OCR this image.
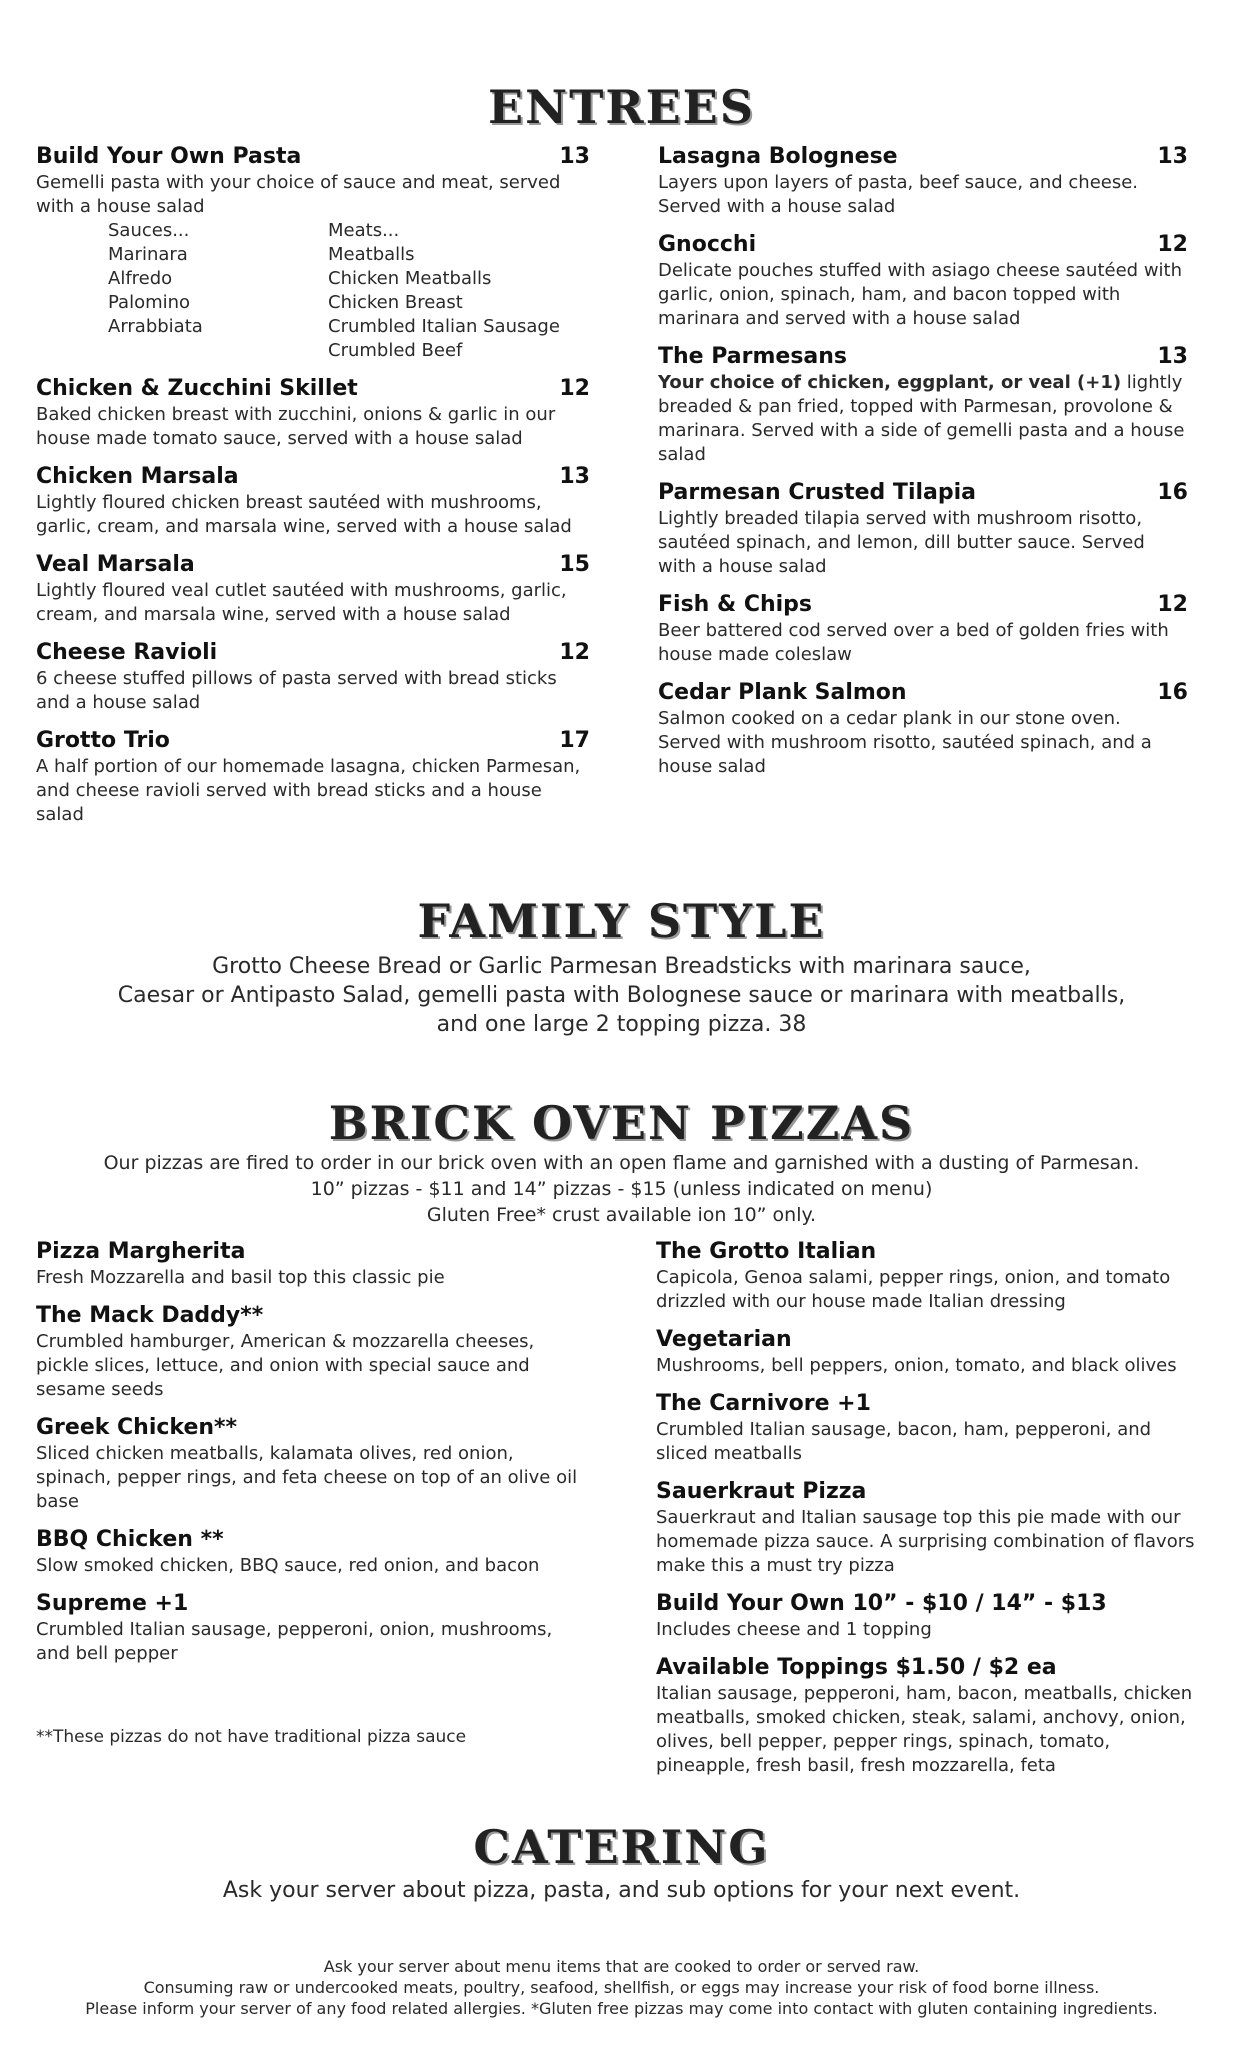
ENTREES
Build Your Own Pasta	13
Gemelli pasta with your choice of sauce and meat, served with a house salad
Sauces...
Marinara
Alfredo
Palomino
Arrabbiata
Meats...
Meatballs
Chicken Meatballs
Chicken Breast
Crumbled Italian Sausage
Crumbled Beef
Chicken & Zucchini Skillet	12
Baked chicken breast with zucchini, onions & garlic in our house made tomato sauce, served with a house salad
Chicken Marsala	13
Lightly floured chicken breast sautéed with mushrooms, garlic, cream, and marsala wine, served with a house salad
Veal Marsala	15
Lightly floured veal cutlet sautéed with mushrooms, garlic, cream, and marsala wine, served with a house salad
Cheese Ravioli	12
6 cheese stuffed pillows of pasta served with bread sticks and a house salad
Grotto Trio	17
A half portion of our homemade lasagna, chicken Parmesan, and cheese ravioli served with bread sticks and a house salad
Lasagna Bolognese	13
Layers upon layers of pasta, beef sauce, and cheese. Served with a house salad
Gnocchi	12
Delicate pouches stuffed with asiago cheese sautéed with garlic, onion, spinach, ham, and bacon topped with marinara and served with a house salad
The Parmesans	13
Your choice of chicken, eggplant, or veal (+1) lightly breaded & pan fried, topped with Parmesan, provolone & marinara. Served with a side of gemelli pasta and a house salad
Parmesan Crusted Tilapia	16
Lightly breaded tilapia served with mushroom risotto, sautéed spinach, and lemon, dill butter sauce. Served with a house salad
Fish & Chips	12
Beer battered cod served over a bed of golden fries with house made coleslaw
Cedar Plank Salmon	16
Salmon cooked on a cedar plank in our stone oven. Served with mushroom risotto, sautéed spinach, and a house salad
FAMILY STYLE
Grotto Cheese Bread or Garlic Parmesan Breadsticks with marinara sauce,
Caesar or Antipasto Salad, gemelli pasta with Bolognese sauce or marinara with meatballs,
and one large 2 topping pizza. 38
BRICK OVEN PIZZAS
Our pizzas are fired to order in our brick oven with an open flame and garnished with a dusting of Parmesan.
10” pizzas - $11 and 14” pizzas - $15 (unless indicated on menu)
Gluten Free* crust available ion 10” only.
Pizza Margherita
Fresh Mozzarella and basil top this classic pie
The Mack Daddy**
Crumbled hamburger, American & mozzarella cheeses, pickle slices, lettuce, and onion with special sauce and sesame seeds
Greek Chicken**
Sliced chicken meatballs, kalamata olives, red onion, spinach, pepper rings, and feta cheese on top of an olive oil base
BBQ Chicken **
Slow smoked chicken, BBQ sauce, red onion, and bacon
Supreme +1
Crumbled Italian sausage, pepperoni, onion, mushrooms, and bell pepper
**These pizzas do not have traditional pizza sauce
The Grotto Italian
Capicola, Genoa salami, pepper rings, onion, and tomato drizzled with our house made Italian dressing
Vegetarian
Mushrooms, bell peppers, onion, tomato, and black olives
The Carnivore +1
Crumbled Italian sausage, bacon, ham, pepperoni, and sliced meatballs
Sauerkraut Pizza
Sauerkraut and Italian sausage top this pie made with our homemade pizza sauce. A surprising combination of flavors make this a must try pizza
Build Your Own 10” - $10 / 14” - $13
Includes cheese and 1 topping
Available Toppings $1.50 / $2 ea
Italian sausage, pepperoni, ham, bacon, meatballs, chicken meatballs, smoked chicken, steak, salami, anchovy, onion, olives, bell pepper, pepper rings, spinach, tomato, pineapple, fresh basil, fresh mozzarella, feta
CATERING
Ask your server about pizza, pasta, and sub options for your next event.
Ask your server about menu items that are cooked to order or served raw.
Consuming raw or undercooked meats, poultry, seafood, shellfish, or eggs may increase your risk of food borne illness.
Please inform your server of any food related allergies. *Gluten free pizzas may come into contact with gluten containing ingredients.
